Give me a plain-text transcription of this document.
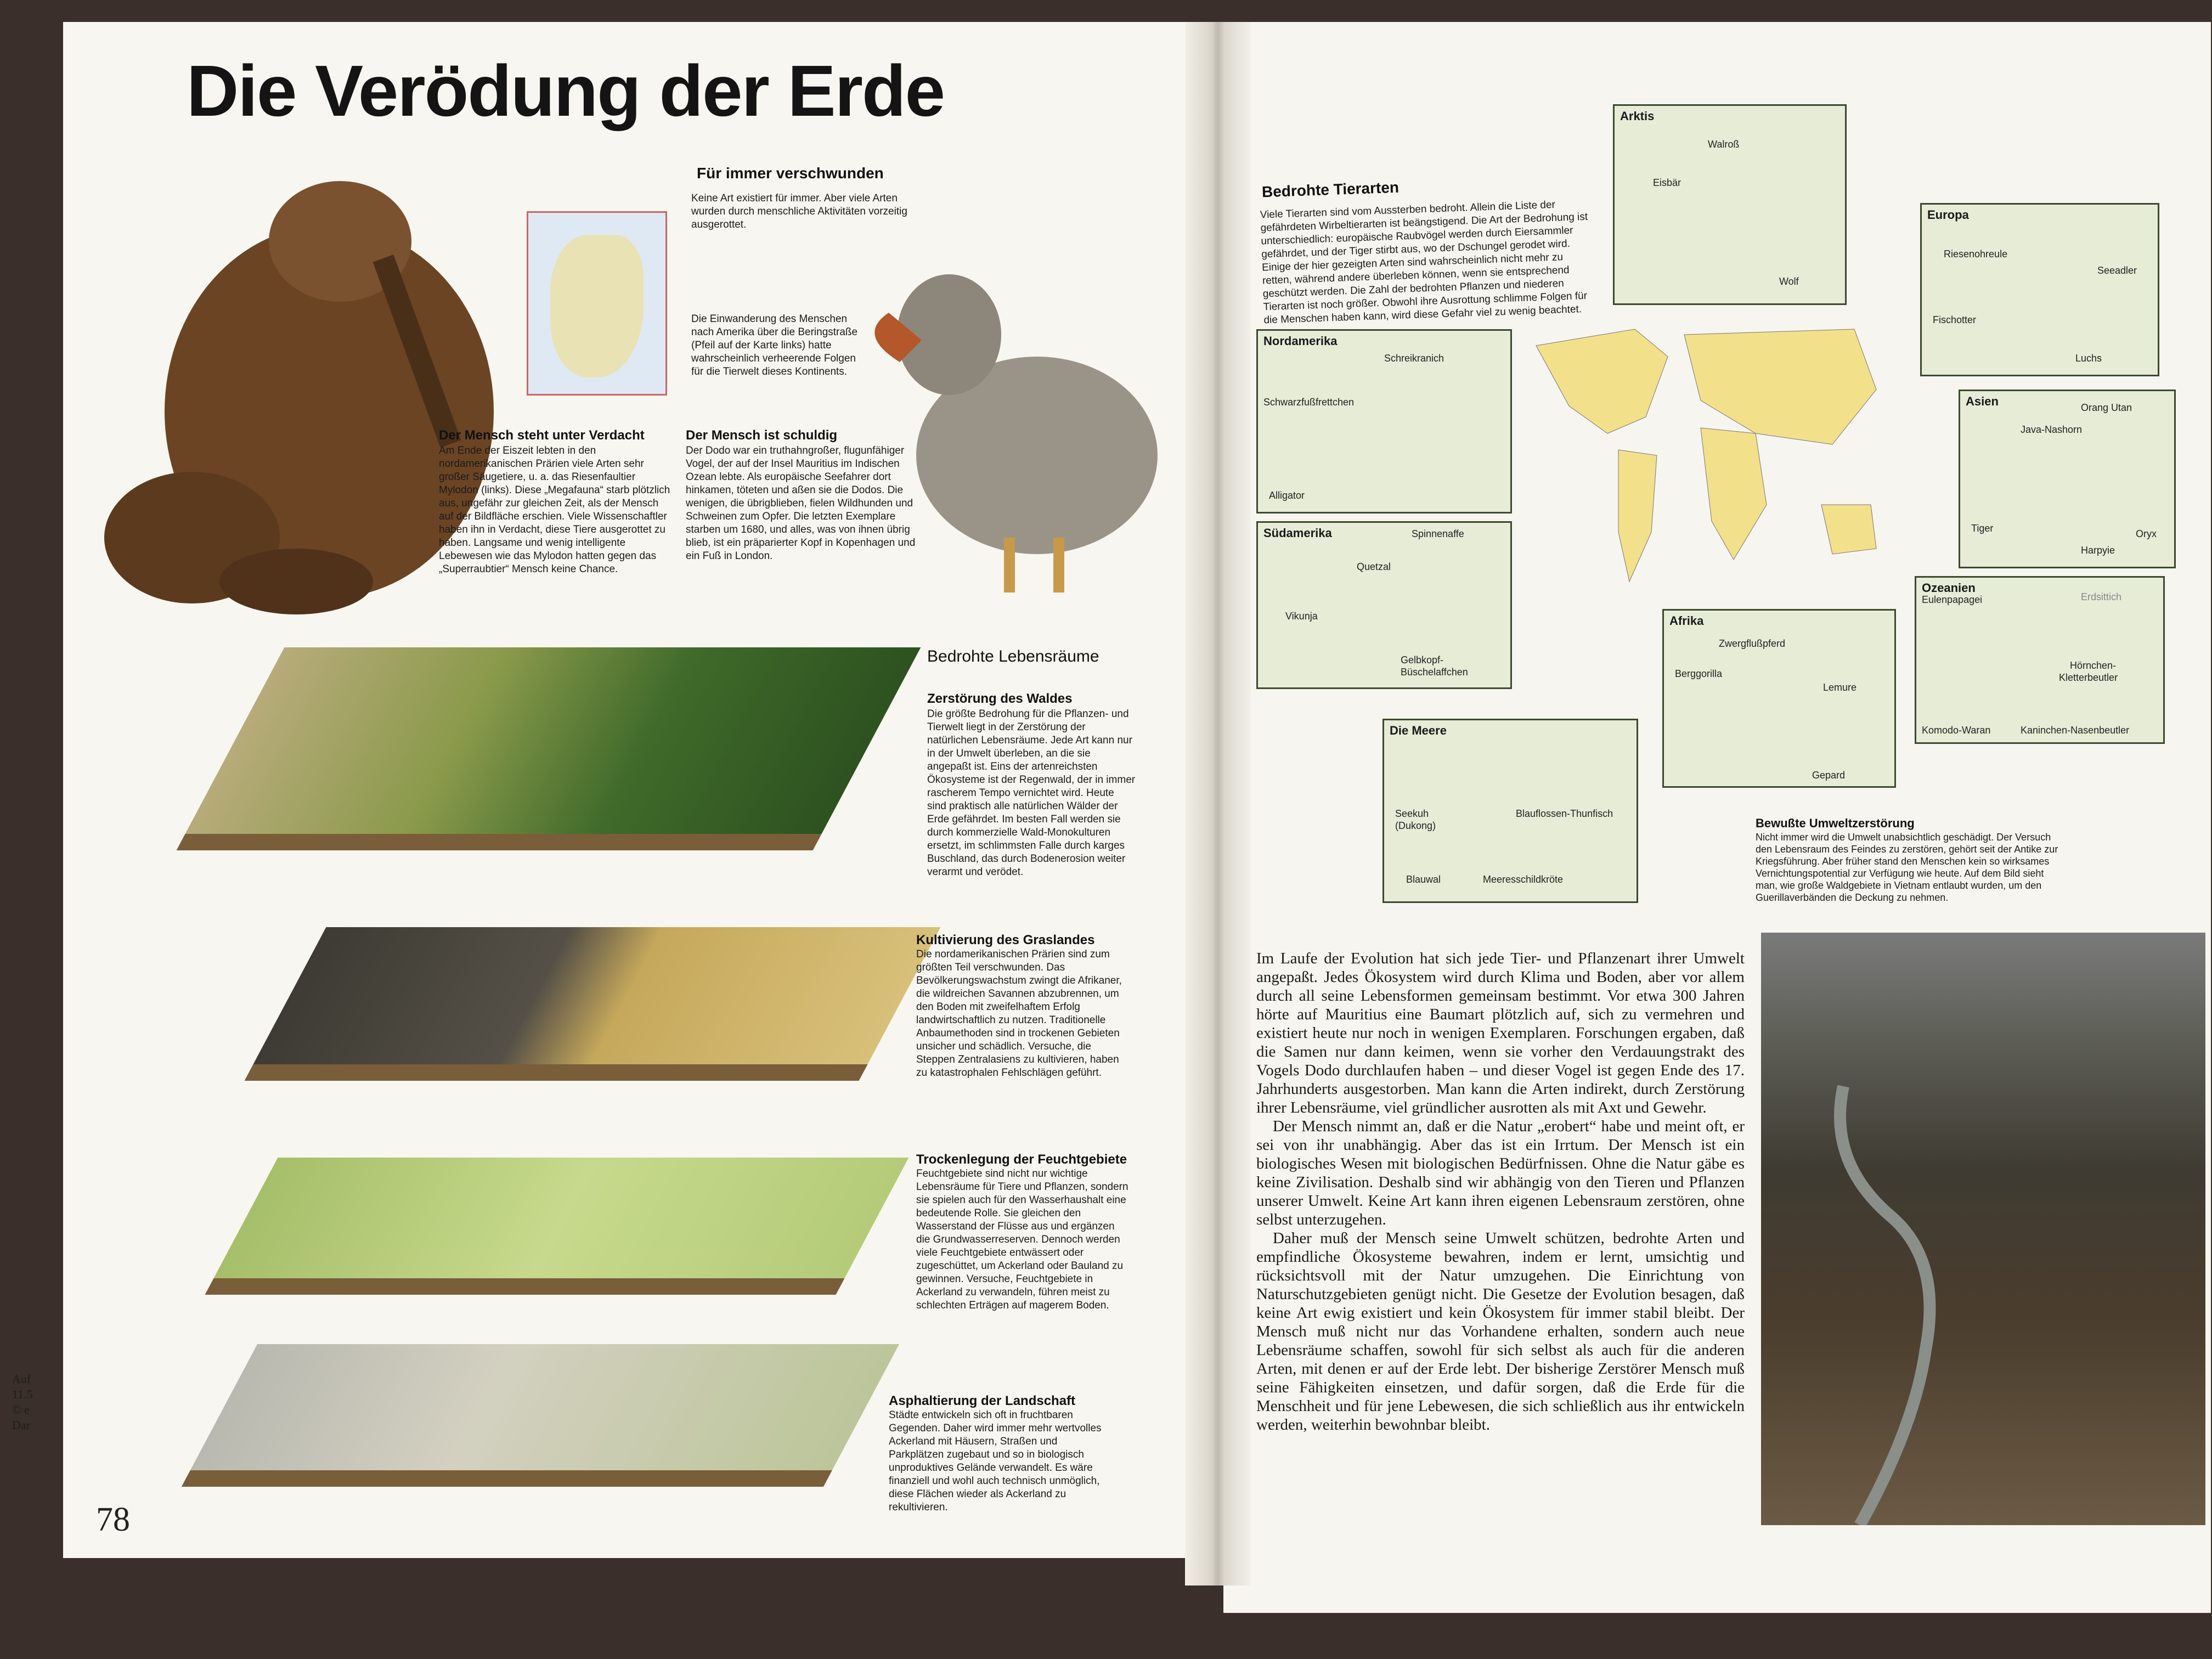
Die Verödung der Erde
Für immer verschwunden
Keine Art existiert für immer. Aber viele Arten wurden durch menschliche Aktivitäten vorzeitig ausgerottet.
Die Einwanderung des Menschen nach Amerika über die Beringstraße (Pfeil auf der Karte links) hatte wahrscheinlich verheerende Folgen für die Tierwelt dieses Kontinents.
Der Mensch steht unter Verdacht
Am Ende der Eiszeit lebten in den nordamerikanischen Prärien viele Arten sehr großer Säugetiere, u. a. das Riesenfaultier Mylodon (links). Diese „Megafauna“ starb plötzlich aus, ungefähr zur gleichen Zeit, als der Mensch auf der Bildfläche erschien. Viele Wissenschaftler haben ihn in Verdacht, diese Tiere ausgerottet zu haben. Langsame und wenig intelligente Lebewesen wie das Mylodon hatten gegen das „Superraubtier“ Mensch keine Chance.
Der Mensch ist schuldig
Der Dodo war ein truthahngroßer, flugunfähiger Vogel, der auf der Insel Mauritius im Indischen Ozean lebte. Als europäische Seefahrer dort hinkamen, töteten und aßen sie die Dodos. Die wenigen, die übrigblieben, fielen Wildhunden und Schweinen zum Opfer. Die letzten Exemplare starben um 1680, und alles, was von ihnen übrig blieb, ist ein präparierter Kopf in Kopenhagen und ein Fuß in London.
Bedrohte Lebensräume
Zerstörung des Waldes
Die größte Bedrohung für die Pflanzen- und Tierwelt liegt in der Zerstörung der natürlichen Lebensräume. Jede Art kann nur in der Umwelt überleben, an die sie angepaßt ist. Eins der artenreichsten Ökosysteme ist der Regenwald, der in immer rascherem Tempo vernichtet wird. Heute sind praktisch alle natürlichen Wälder der Erde gefährdet. Im besten Fall werden sie durch kommerzielle Wald-Monokulturen ersetzt, im schlimmsten Falle durch karges Buschland, das durch Bodenerosion weiter verarmt und verödet.
Kultivierung des Graslandes
Die nordamerikanischen Prärien sind zum größten Teil verschwunden. Das Bevölkerungswachstum zwingt die Afrikaner, die wildreichen Savannen abzubrennen, um den Boden mit zweifelhaftem Erfolg landwirtschaftlich zu nutzen. Traditionelle Anbaumethoden sind in trockenen Gebieten unsicher und schädlich. Versuche, die Steppen Zentralasiens zu kultivieren, haben zu katastrophalen Fehlschlägen geführt.
Trockenlegung der Feuchtgebiete
Feuchtgebiete sind nicht nur wichtige Lebensräume für Tiere und Pflanzen, sondern sie spielen auch für den Wasserhaushalt eine bedeutende Rolle. Sie gleichen den Wasserstand der Flüsse aus und ergänzen die Grundwasserreserven. Dennoch werden viele Feuchtgebiete entwässert oder zugeschüttet, um Ackerland oder Bauland zu gewinnen. Versuche, Feuchtgebiete in Ackerland zu verwandeln, führen meist zu schlechten Erträgen auf magerem Boden.
Asphaltierung der Landschaft
Städte entwickeln sich oft in fruchtbaren Gegenden. Daher wird immer mehr wertvolles Ackerland mit Häusern, Straßen und Parkplätzen zugebaut und so in biologisch unproduktives Gelände verwandelt. Es wäre finanziell und wohl auch technisch unmöglich, diese Flächen wieder als Ackerland zu rekultivieren.
78
Auf
11.5
© e
Dar
Bedrohte Tierarten
Viele Tierarten sind vom Aussterben bedroht. Allein die Liste der gefährdeten Wirbeltierarten ist beängstigend. Die Art der Bedrohung ist unterschiedlich: europäische Raubvögel werden durch Eiersammler gefährdet, und der Tiger stirbt aus, wo der Dschungel gerodet wird. Einige der hier gezeigten Arten sind wahrscheinlich nicht mehr zu retten, während andere überleben können, wenn sie entsprechend geschützt werden. Die Zahl der bedrohten Pflanzen und niederen Tierarten ist noch größer. Obwohl ihre Ausrottung schlimme Folgen für die Menschen haben kann, wird diese Gefahr viel zu wenig beachtet.
Arktis
Walroß
Eisbär
Wolf
Europa
Riesenohreule
Seeadler
Fischotter
Luchs
Nordamerika
Schreikranich
Schwarzfußfrettchen
Alligator
Asien	Orang Utan
Java-Nashorn
Tiger
Harpyie
Oryx
Südamerika	Spinnenaffe
Quetzal
Vikunja
Gelbkopf-
Büschelaffchen
Ozeanien
Eulenpapagei	Erdsittich
Hörnchen-
Kletterbeutler
Komodo-Waran	Kaninchen-Nasenbeutler
Afrika
Zwergflußpferd
Berggorilla
Lemure
Gepard
Die Meere
Seekuh
(Dukong)
Blauflossen-Thunfisch
Blauwal	Meeresschildkröte
Bewußte Umweltzerstörung
Nicht immer wird die Umwelt unabsichtlich geschädigt. Der Versuch den Lebensraum des Feindes zu zerstören, gehört seit der Antike zur Kriegsführung. Aber früher stand den Menschen kein so wirksames Vernichtungspotential zur Verfügung wie heute. Auf dem Bild sieht man, wie große Waldgebiete in Vietnam entlaubt wurden, um den Guerillaverbänden die Deckung zu nehmen.

Im Laufe der Evolution hat sich jede Tier- und Pflanzenart ihrer Umwelt angepaßt. Jedes Ökosystem wird durch Klima und Boden, aber vor allem durch all seine Lebensformen gemeinsam bestimmt. Vor etwa 300 Jahren hörte auf Mauritius eine Baumart plötzlich auf, sich zu vermehren und existiert heute nur noch in wenigen Exemplaren. Forschungen ergaben, daß die Samen nur dann keimen, wenn sie vorher den Verdauungstrakt des Vogels Dodo durchlaufen haben – und dieser Vogel ist gegen Ende des 17. Jahrhunderts ausgestorben. Man kann die Arten indirekt, durch Zerstörung ihrer Lebensräume, viel gründlicher ausrotten als mit Axt und Gewehr.

Der Mensch nimmt an, daß er die Natur „erobert“ habe und meint oft, er sei von ihr unabhängig. Aber das ist ein Irrtum. Der Mensch ist ein biologisches Wesen mit biologischen Bedürfnissen. Ohne die Natur gäbe es keine Zivilisation. Deshalb sind wir abhängig von den Tieren und Pflanzen unserer Umwelt. Keine Art kann ihren eigenen Lebensraum zerstören, ohne selbst unterzugehen.

Daher muß der Mensch seine Umwelt schützen, bedrohte Arten und empfindliche Ökosysteme bewahren, indem er lernt, umsichtig und rücksichtsvoll mit der Natur umzugehen. Die Einrichtung von Naturschutzgebieten genügt nicht. Die Gesetze der Evolution besagen, daß keine Art ewig existiert und kein Ökosystem für immer stabil bleibt. Der Mensch muß nicht nur das Vorhandene erhalten, sondern auch neue Lebensräume schaffen, sowohl für sich selbst als auch für die anderen Arten, mit denen er auf der Erde lebt. Der bisherige Zerstörer Mensch muß seine Fähigkeiten einsetzen, und dafür sorgen, daß die Erde für die Menschheit und für jene Lebewesen, die sich schließlich aus ihr entwickeln werden, weiterhin bewohnbar bleibt.
